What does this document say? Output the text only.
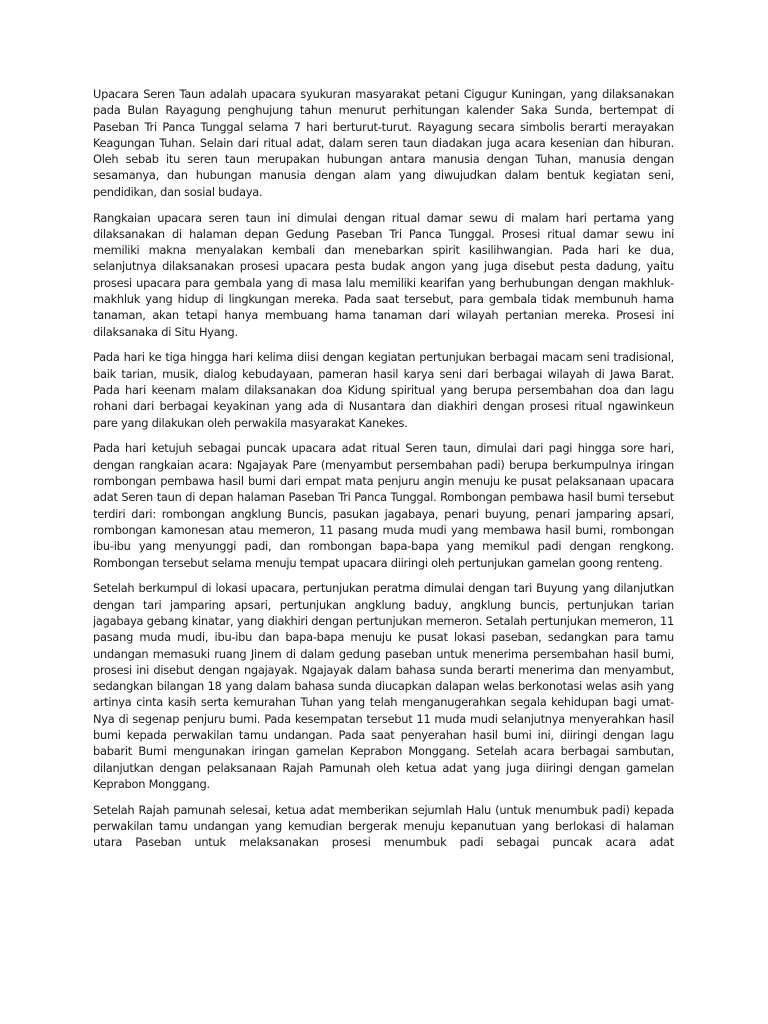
Upacara Seren Taun adalah upacara syukuran masyarakat petani Cigugur Kuningan, yang dilaksanakan pada Bulan Rayagung penghujung tahun menurut perhitungan kalender Saka Sunda, bertempat di Paseban Tri Panca Tunggal selama 7 hari berturut-turut. Rayagung secara simbolis berarti merayakan Keagungan Tuhan. Selain dari ritual adat, dalam seren taun diadakan juga acara kesenian dan hiburan. Oleh sebab itu seren taun merupakan hubungan antara manusia dengan Tuhan, manusia dengan sesamanya, dan hubungan manusia dengan alam yang diwujudkan dalam bentuk kegiatan seni, pendidikan, dan sosial budaya.

Rangkaian upacara seren taun ini dimulai dengan ritual damar sewu di malam hari pertama yang dilaksanakan di halaman depan Gedung Paseban Tri Panca Tunggal. Prosesi ritual damar sewu ini memiliki makna menyalakan kembali dan menebarkan spirit kasilihwangian. Pada hari ke dua, selanjutnya dilaksanakan prosesi upacara pesta budak angon yang juga disebut pesta dadung, yaitu prosesi upacara para gembala yang di masa lalu memiliki kearifan yang berhubungan dengan makhluk-makhluk yang hidup di lingkungan mereka. Pada saat tersebut, para gembala tidak membunuh hama tanaman, akan tetapi hanya membuang hama tanaman dari wilayah pertanian mereka. Prosesi ini dilaksanaka di Situ Hyang.

Pada hari ke tiga hingga hari kelima diisi dengan kegiatan pertunjukan berbagai macam seni tradisional, baik tarian, musik, dialog kebudayaan, pameran hasil karya seni dari berbagai wilayah di Jawa Barat. Pada hari keenam malam dilaksanakan doa Kidung spiritual yang berupa persembahan doa dan lagu rohani dari berbagai keyakinan yang ada di Nusantara dan diakhiri dengan prosesi ritual ngawinkeun pare yang dilakukan oleh perwakila masyarakat Kanekes.

Pada hari ketujuh sebagai puncak upacara adat ritual Seren taun, dimulai dari pagi hingga sore hari, dengan rangkaian acara: Ngajayak Pare (menyambut persembahan padi) berupa berkumpulnya iringan rombongan pembawa hasil bumi dari empat mata penjuru angin menuju ke pusat pelaksanaan upacara adat Seren taun di depan halaman Paseban Tri Panca Tunggal. Rombongan pembawa hasil bumi tersebut terdiri dari: rombongan angklung Buncis, pasukan jagabaya, penari buyung, penari jamparing apsari, rombongan kamonesan atau memeron, 11 pasang muda mudi yang membawa hasil bumi, rombongan ibu-ibu yang menyunggi padi, dan rombongan bapa-bapa yang memikul padi dengan rengkong. Rombongan tersebut selama menuju tempat upacara diiringi oleh pertunjukan gamelan goong renteng.

Setelah berkumpul di lokasi upacara, pertunjukan peratma dimulai dengan tari Buyung yang dilanjutkan dengan tari jamparing apsari, pertunjukan angklung baduy, angklung buncis, pertunjukan tarian jagabaya gebang kinatar, yang diakhiri dengan pertunjukan memeron. Setalah pertunjukan memeron, 11 pasang muda mudi, ibu-ibu dan bapa-bapa menuju ke pusat lokasi paseban, sedangkan para tamu undangan memasuki ruang Jinem di dalam gedung paseban untuk menerima persembahan hasil bumi, prosesi ini disebut dengan ngajayak. Ngajayak dalam bahasa sunda berarti menerima dan menyambut, sedangkan bilangan 18 yang dalam bahasa sunda diucapkan dalapan welas berkonotasi welas asih yang artinya cinta kasih serta kemurahan Tuhan yang telah menganugerahkan segala kehidupan bagi umat-Nya di segenap penjuru bumi. Pada kesempatan tersebut 11 muda mudi selanjutnya menyerahkan hasil bumi kepada perwakilan tamu undangan. Pada saat penyerahan hasil bumi ini, diiringi dengan lagu babarit Bumi mengunakan iringan gamelan Keprabon Monggang. Setelah acara berbagai sambutan, dilanjutkan dengan pelaksanaan Rajah Pamunah oleh ketua adat yang juga diiringi dengan gamelan Keprabon Monggang.

Setelah Rajah pamunah selesai, ketua adat memberikan sejumlah Halu (untuk menumbuk padi) kepada perwakilan tamu undangan yang kemudian bergerak menuju kepanutuan yang berlokasi di halaman utara Paseban untuk melaksanakan prosesi menumbuk padi sebagai puncak acara adat
